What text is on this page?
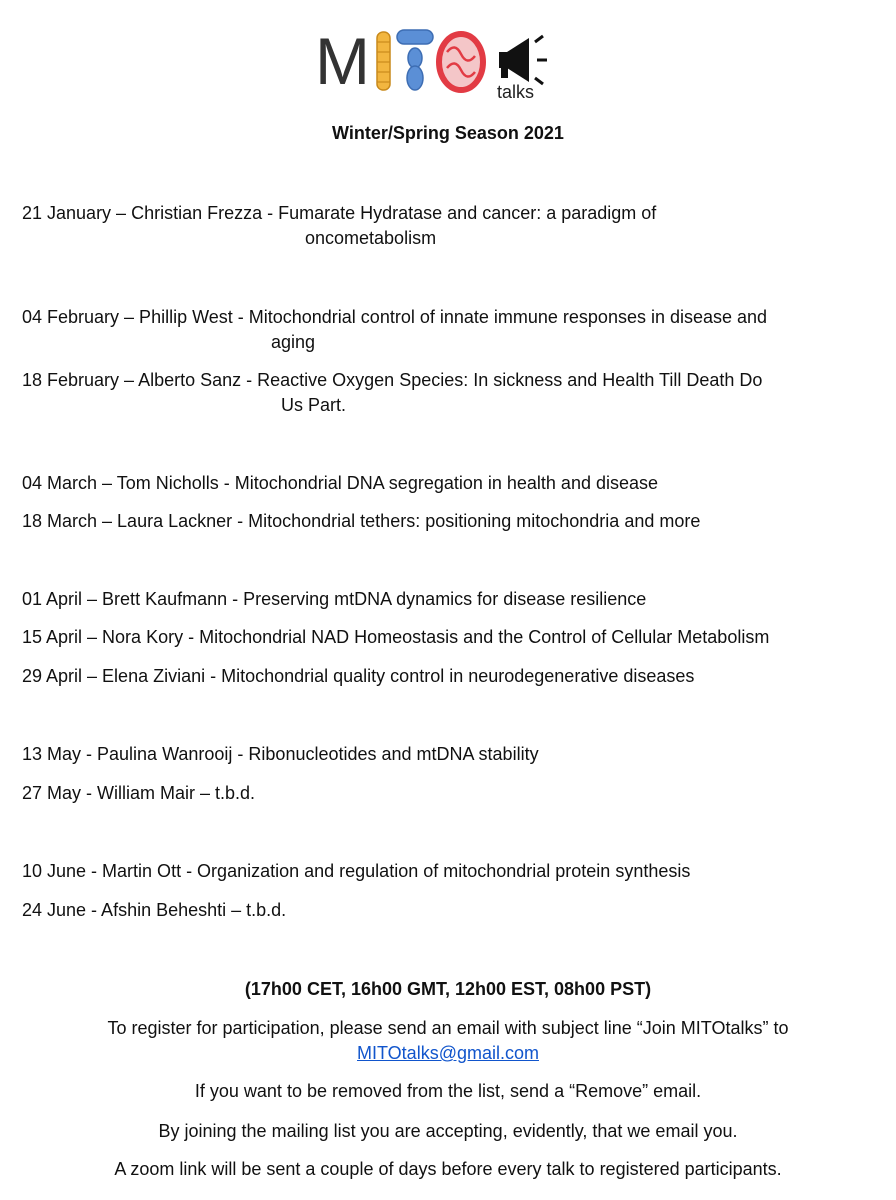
M	talks
Winter/Spring Season 2021
21 January – Christian Frezza - Fumarate Hydratase and cancer: a paradigm of
oncometabolism
04 February – Phillip West - Mitochondrial control of innate immune responses in disease and
aging
18 February – Alberto Sanz - Reactive Oxygen Species: In sickness and Health Till Death Do
Us Part.
04 March – Tom Nicholls - Mitochondrial DNA segregation in health and disease
18 March – Laura Lackner - Mitochondrial tethers: positioning mitochondria and more
01 April – Brett Kaufmann - Preserving mtDNA dynamics for disease resilience
15 April – Nora Kory - Mitochondrial NAD Homeostasis and the Control of Cellular Metabolism
29 April – Elena Ziviani - Mitochondrial quality control in neurodegenerative diseases
13 May - Paulina Wanrooij - Ribonucleotides and mtDNA stability
27 May - William Mair – t.b.d.
10 June - Martin Ott - Organization and regulation of mitochondrial protein synthesis
24 June - Afshin Beheshti – t.b.d.
(17h00 CET, 16h00 GMT, 12h00 EST, 08h00 PST)
To register for participation, please send an email with subject line “Join MITOtalks” to
MITOtalks@gmail.com
If you want to be removed from the list, send a “Remove” email.
By joining the mailing list you are accepting, evidently, that we email you.
A zoom link will be sent a couple of days before every talk to registered participants.
